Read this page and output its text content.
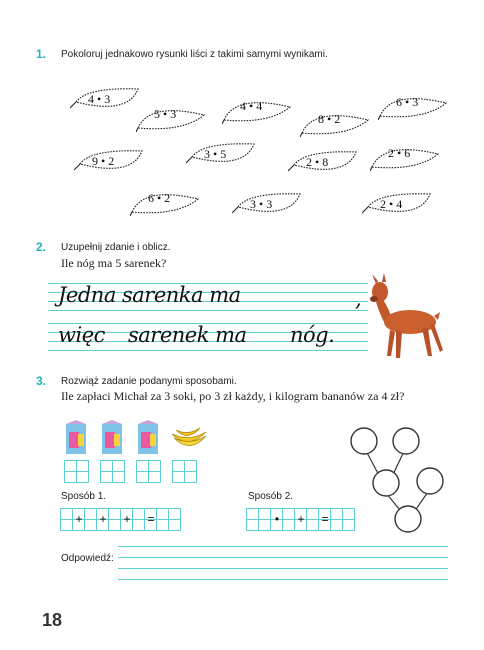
1. Pokoloruj jednakowo rysunki liści z takimi samymi wynikami.
4 • 3
5 • 3
4 • 4
8 • 2
6 • 3
9 • 2	3 • 5
2 • 8
2 • 6
6 • 2	3 • 3	2 • 4
2. Uzupełnij zdanie i oblicz.
Ile nóg ma 5 sarenek?
Jedna sarenka ma	,
więc sarenek ma nóg.
3. Rozwiąż zadanie podanymi sposobami.
Ile zapłaci Michał za 3 soki, po 3 zł każdy, i kilogram bananów za 4 zł?
Sposób 1.	Sposób 2.
+ + + =	•	+ =
Odpowiedź:
18
